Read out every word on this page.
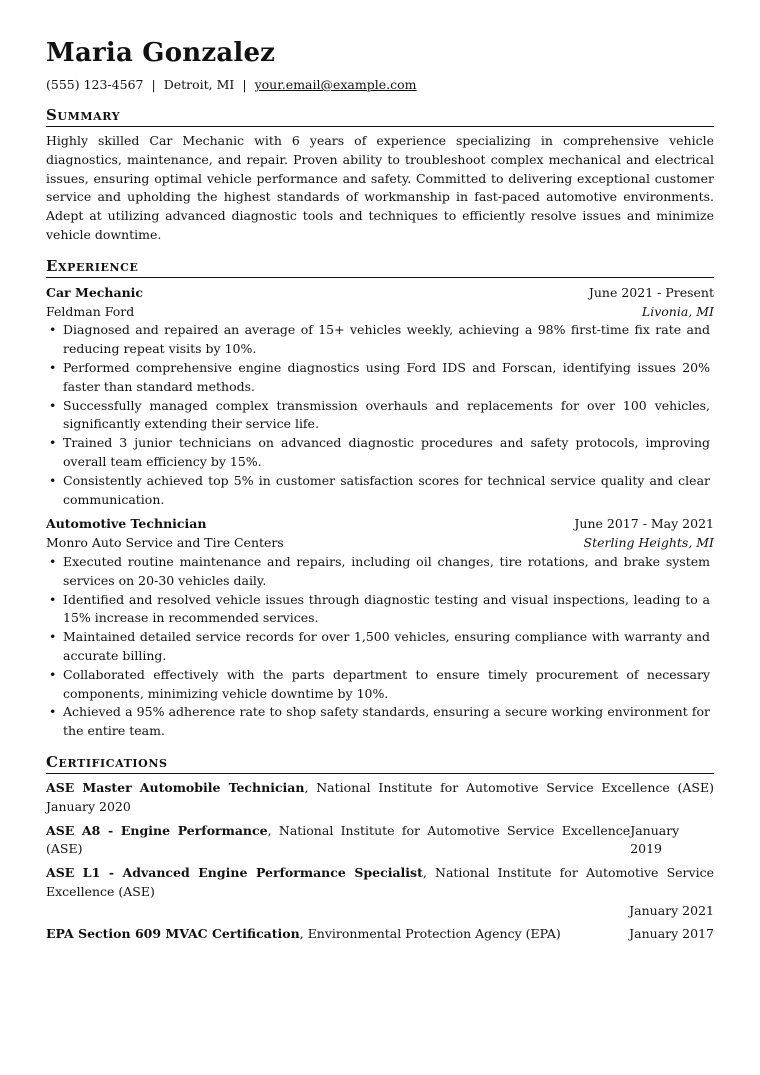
Maria Gonzalez
(555) 123-4567 | Detroit, MI | your.email@example.com
Summary
Highly skilled Car Mechanic with 6 years of experience specializing in comprehensive vehicle diagnostics, maintenance, and repair. Proven ability to troubleshoot complex mechanical and electrical issues, ensuring optimal vehicle performance and safety. Committed to delivering exceptional customer service and upholding the highest standards of workmanship in fast-paced automotive environments. Adept at utilizing advanced diagnostic tools and techniques to efficiently resolve issues and minimize vehicle downtime.
Experience
Car Mechanic	June 2021 - Present
Feldman Ford	Livonia, MI
• Diagnosed and repaired an average of 15+ vehicles weekly, achieving a 98% first-time fix rate and reducing repeat visits by 10%.
• Performed comprehensive engine diagnostics using Ford IDS and Forscan, identifying issues 20% faster than standard methods.
• Successfully managed complex transmission overhauls and replacements for over 100 vehicles, significantly extending their service life.
• Trained 3 junior technicians on advanced diagnostic procedures and safety protocols, improving overall team efficiency by 15%.
• Consistently achieved top 5% in customer satisfaction scores for technical service quality and clear communication.
Automotive Technician	June 2017 - May 2021
Monro Auto Service and Tire Centers	Sterling Heights, MI
• Executed routine maintenance and repairs, including oil changes, tire rotations, and brake system services on 20-30 vehicles daily.
• Identified and resolved vehicle issues through diagnostic testing and visual inspections, leading to a 15% increase in recommended services.
• Maintained detailed service records for over 1,500 vehicles, ensuring compliance with warranty and accurate billing.
• Collaborated effectively with the parts department to ensure timely procurement of necessary components, minimizing vehicle downtime by 10%.
• Achieved a 95% adherence rate to shop safety standards, ensuring a secure working environment for the entire team.
Certifications
ASE Master Automobile Technician, National Institute for Automotive Service Excellence (ASE) January 2020
ASE A8 - Engine Performance, National Institute for Automotive Service Excellence (ASE)
January 2019
ASE L1 - Advanced Engine Performance Specialist, National Institute for Automotive Service Excellence (ASE)
January 2021
EPA Section 609 MVAC Certification, Environmental Protection Agency (EPA)	January 2017
